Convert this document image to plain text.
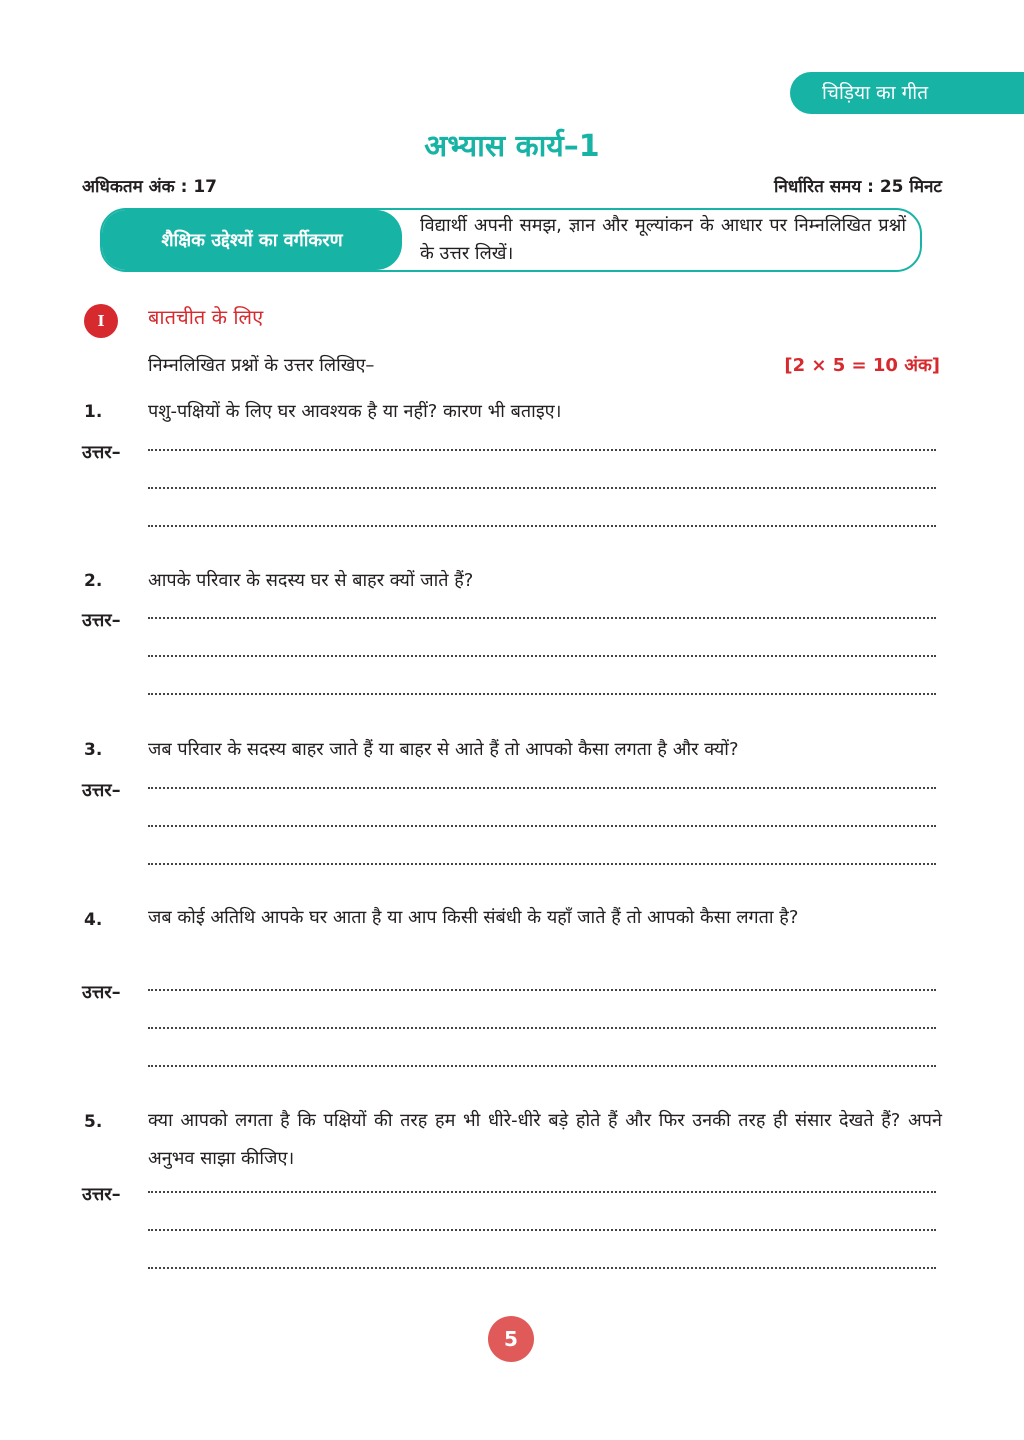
चिड़िया का गीत
अभ्यास कार्य–1
अधिकतम अंक : 17	निर्धारित समय : 25 मिनट
शैक्षिक उद्देश्यों का वर्गीकरण
विद्यार्थी अपनी समझ, ज्ञान और मूल्यांकन के आधार पर निम्नलिखित प्रश्नों के उत्तर लिखें।
I	बातचीत के लिए
निम्नलिखित प्रश्नों के उत्तर लिखिए–	[2 × 5 = 10 अंक]
1.	पशु-पक्षियों के लिए घर आवश्यक है या नहीं? कारण भी बताइए।
उत्तर–
2.	आपके परिवार के सदस्य घर से बाहर क्यों जाते हैं?
उत्तर–
3.	जब परिवार के सदस्य बाहर जाते हैं या बाहर से आते हैं तो आपको कैसा लगता है और क्यों?
उत्तर–
4.	जब कोई अतिथि आपके घर आता है या आप किसी संबंधी के यहाँ जाते हैं तो आपको कैसा लगता है?
उत्तर–
5.	क्या आपको लगता है कि पक्षियों की तरह हम भी धीरे-धीरे बड़े होते हैं और फिर उनकी तरह ही संसार देखते हैं? अपने अनुभव साझा कीजिए।
उत्तर–
5
